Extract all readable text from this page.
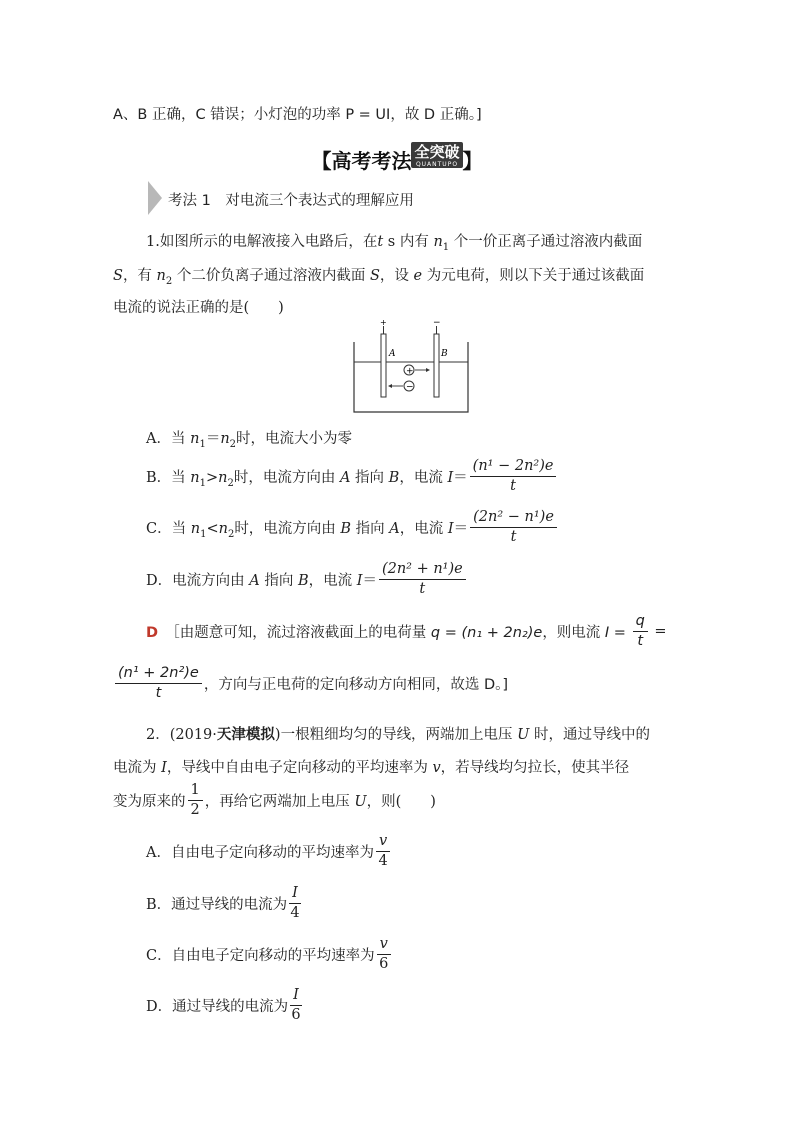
A、B 正确，C 错误；小灯泡的功率 P = UI，故 D 正确。]
【高考考法 全突破
QUANTUPO 】
考法 1　 对电流三个表达式的理解应用
1.如图所示的电解液接入电路后，在t s 内有 $n_1$ 个一价正离子通过溶液内截面
S，有 $n_2$ 个二价负离子通过溶液内截面 S，设 e 为元电荷，则以下关于通过该截面
电流的说法正确的是(　　)
+	−
A	B
+
−
A．当 $n_1=n_2$时，电流大小为零
B．当 $n_1>n_2$时，电流方向由 A 指向 B，电流 $I= \frac{\text{(n¹ − 2n²)e}}{t}$
C．当 $n_1<n_2$时，电流方向由 B 指向 A，电流 $I= \frac{\text{(2n² − n¹)e}}{t}$
D．电流方向由 A 指向 B，电流 $I= \frac{\text{(2n² + n¹)e}}{t}$
D　 ［由题意可知，流过溶液截面上的电荷量 q = (n₁ + 2n₂)e，则电流 $I = \frac{q}{t}$ =
$\frac{\text{(n¹ + 2n²)e}}{t}$ ，方向与正电荷的定向移动方向相同，故选 D。]
2．(2019·天津模拟)一根粗细均匀的导线，两端加上电压 U 时，通过导线中的
电流为 I，导线中自由电子定向移动的平均速率为 v，若导线均匀拉长，使其半径
变为原来的 $\frac{1}{2}$ ，再给它两端加上电压 U，则(　　)
A．自由电子定向移动的平均速率为 $\frac{v}{4}$
B．通过导线的电流为 $\frac{I}{4}$
C．自由电子定向移动的平均速率为 $\frac{v}{6}$
D．通过导线的电流为 $\frac{I}{6}$
